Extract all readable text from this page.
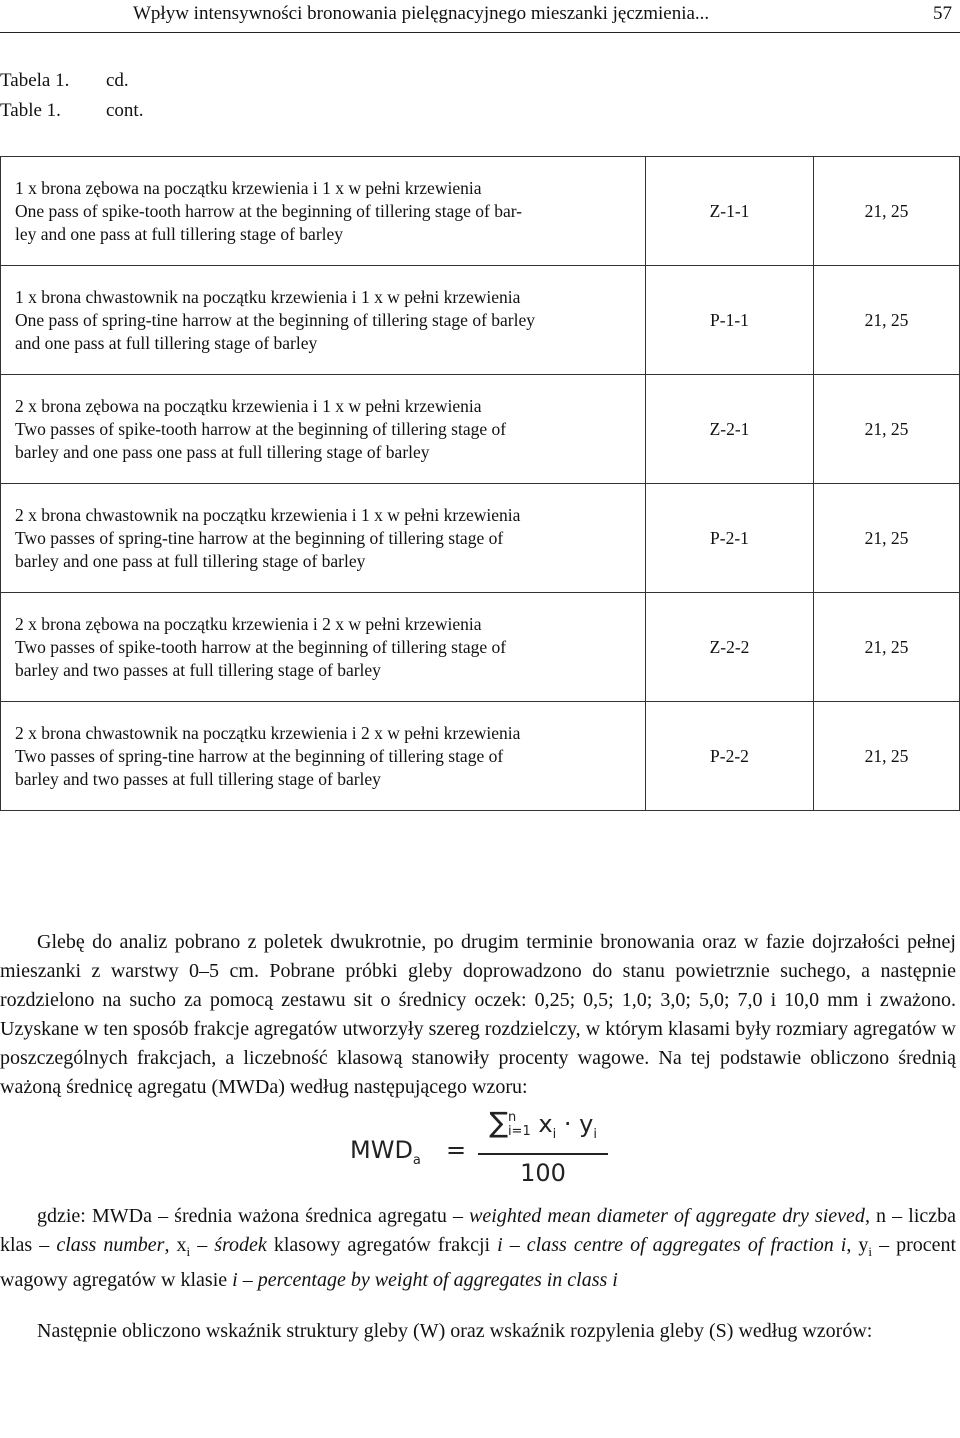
Wpływ intensywności bronowania pielęgnacyjnego mieszanki jęczmienia...	57
Tabela 1. cd.
Table 1. cont.
1 x brona zębowa na początku krzewienia i 1 x w pełni krzewienia
One pass of spike-tooth harrow at the beginning of tillering stage of bar-
ley and one pass at full tillering stage of barley	Z-1-1	21, 25

1 x brona chwastownik na początku krzewienia i 1 x w pełni krzewienia
One pass of spring-tine harrow at the beginning of tillering stage of barley
and one pass at full tillering stage of barley	P-1-1	21, 25

2 x brona zębowa na początku krzewienia i 1 x w pełni krzewienia
Two passes of spike-tooth harrow at the beginning of tillering stage of
barley and one pass one pass at full tillering stage of barley	Z-2-1	21, 25

2 x brona chwastownik na początku krzewienia i 1 x w pełni krzewienia
Two passes of spring-tine harrow at the beginning of tillering stage of
barley and one pass at full tillering stage of barley	P-2-1	21, 25

2 x brona zębowa na początku krzewienia i 2 x w pełni krzewienia
Two passes of spike-tooth harrow at the beginning of tillering stage of
barley and two passes at full tillering stage of barley	Z-2-2	21, 25

2 x brona chwastownik na początku krzewienia i 2 x w pełni krzewienia
Two passes of spring-tine harrow at the beginning of tillering stage of
barley and two passes at full tillering stage of barley	P-2-2	21, 25

Glebę do analiz pobrano z poletek dwukrotnie, po drugim terminie bronowania oraz w fazie dojrzałości pełnej mieszanki z warstwy 0–5 cm. Pobrane próbki gleby doprowadzono do stanu powietrznie suchego, a następnie rozdzielono na sucho za pomocą zestawu sit o średnicy oczek: 0,25; 0,5; 1,0; 3,0; 5,0; 7,0 i 10,0 mm i zważono. Uzyskane w ten sposób frakcje agregatów utworzyły szereg rozdzielczy, w którym klasami były rozmiary agregatów w poszczególnych frakcjach, a liczebność klasową stanowiły procenty wagowe. Na tej podstawie obliczono średnią ważoną średnicę agregatu (MWDa) według następującego wzoru:

$MWD_a$ =
∑n
i=1 $x_i \cdot y_i$
100

gdzie: MWDa – średnia ważona średnica agregatu – weighted mean diameter of aggregate dry sieved, n – liczba klas – class number, $x_i$ – środek klasowy agregatów frakcji i – class centre of aggregates of fraction i, $y_i$ – procent wagowy agregatów w klasie i – percentage by weight of aggregates in class i

Następnie obliczono wskaźnik struktury gleby (W) oraz wskaźnik rozpylenia gleby (S) według wzorów:
